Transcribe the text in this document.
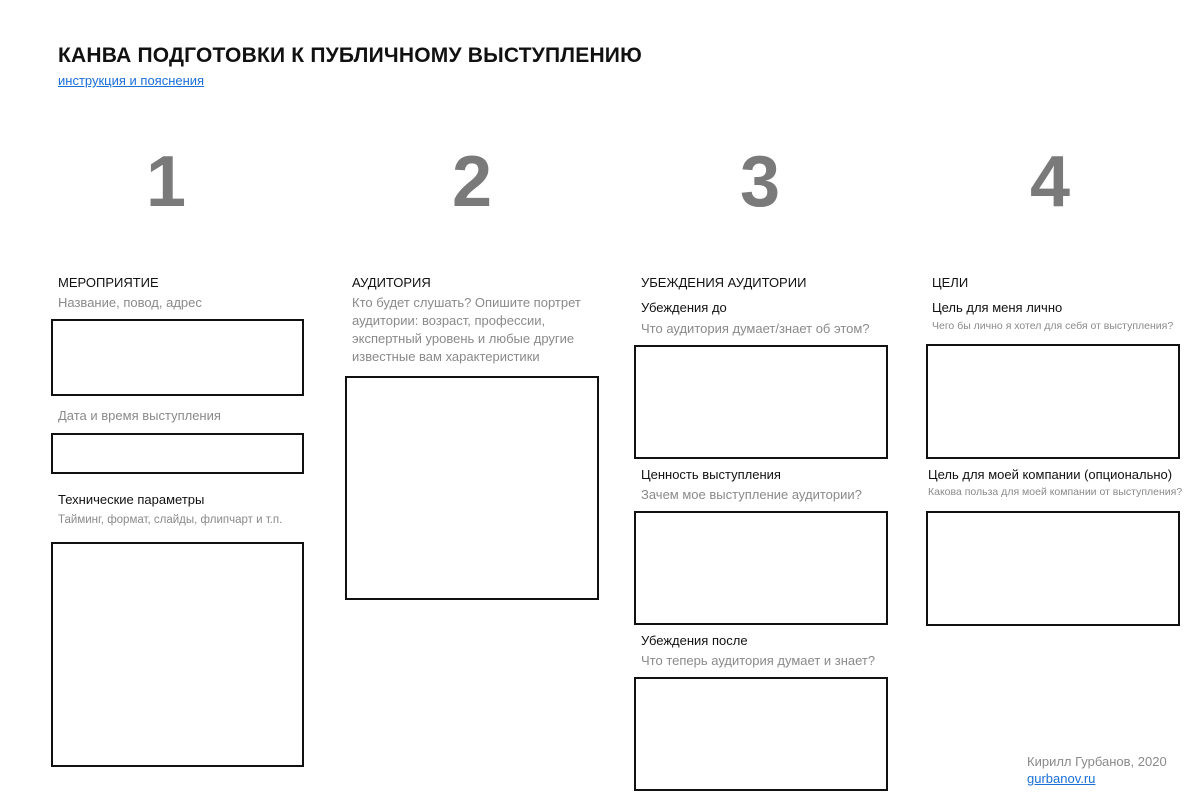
КАНВА ПОДГОТОВКИ К ПУБЛИЧНОМУ ВЫСТУПЛЕНИЮ
инструкция и пояснения
1	2	3	4
МЕРОПРИЯТИЕ
Название, повод, адрес
Дата и время выступления
Технические параметры
Тайминг, формат, слайды, флипчарт и т.п.
АУДИТОРИЯ
Кто будет слушать? Опишите портрет аудитории: возраст, профессии, экспертный уровень и любые другие известные вам характеристики
УБЕЖДЕНИЯ АУДИТОРИИ
Убеждения до
Что аудитория думает/знает об этом?
Ценность выступления
Зачем мое выступление аудитории?
Убеждения после
Что теперь аудитория думает и знает?
ЦЕЛИ
Цель для меня лично
Чего бы лично я хотел для себя от выступления?
Цель для моей компании (опционально)
Какова польза для моей компании от выступления?
Кирилл Гурбанов, 2020
gurbanov.ru
